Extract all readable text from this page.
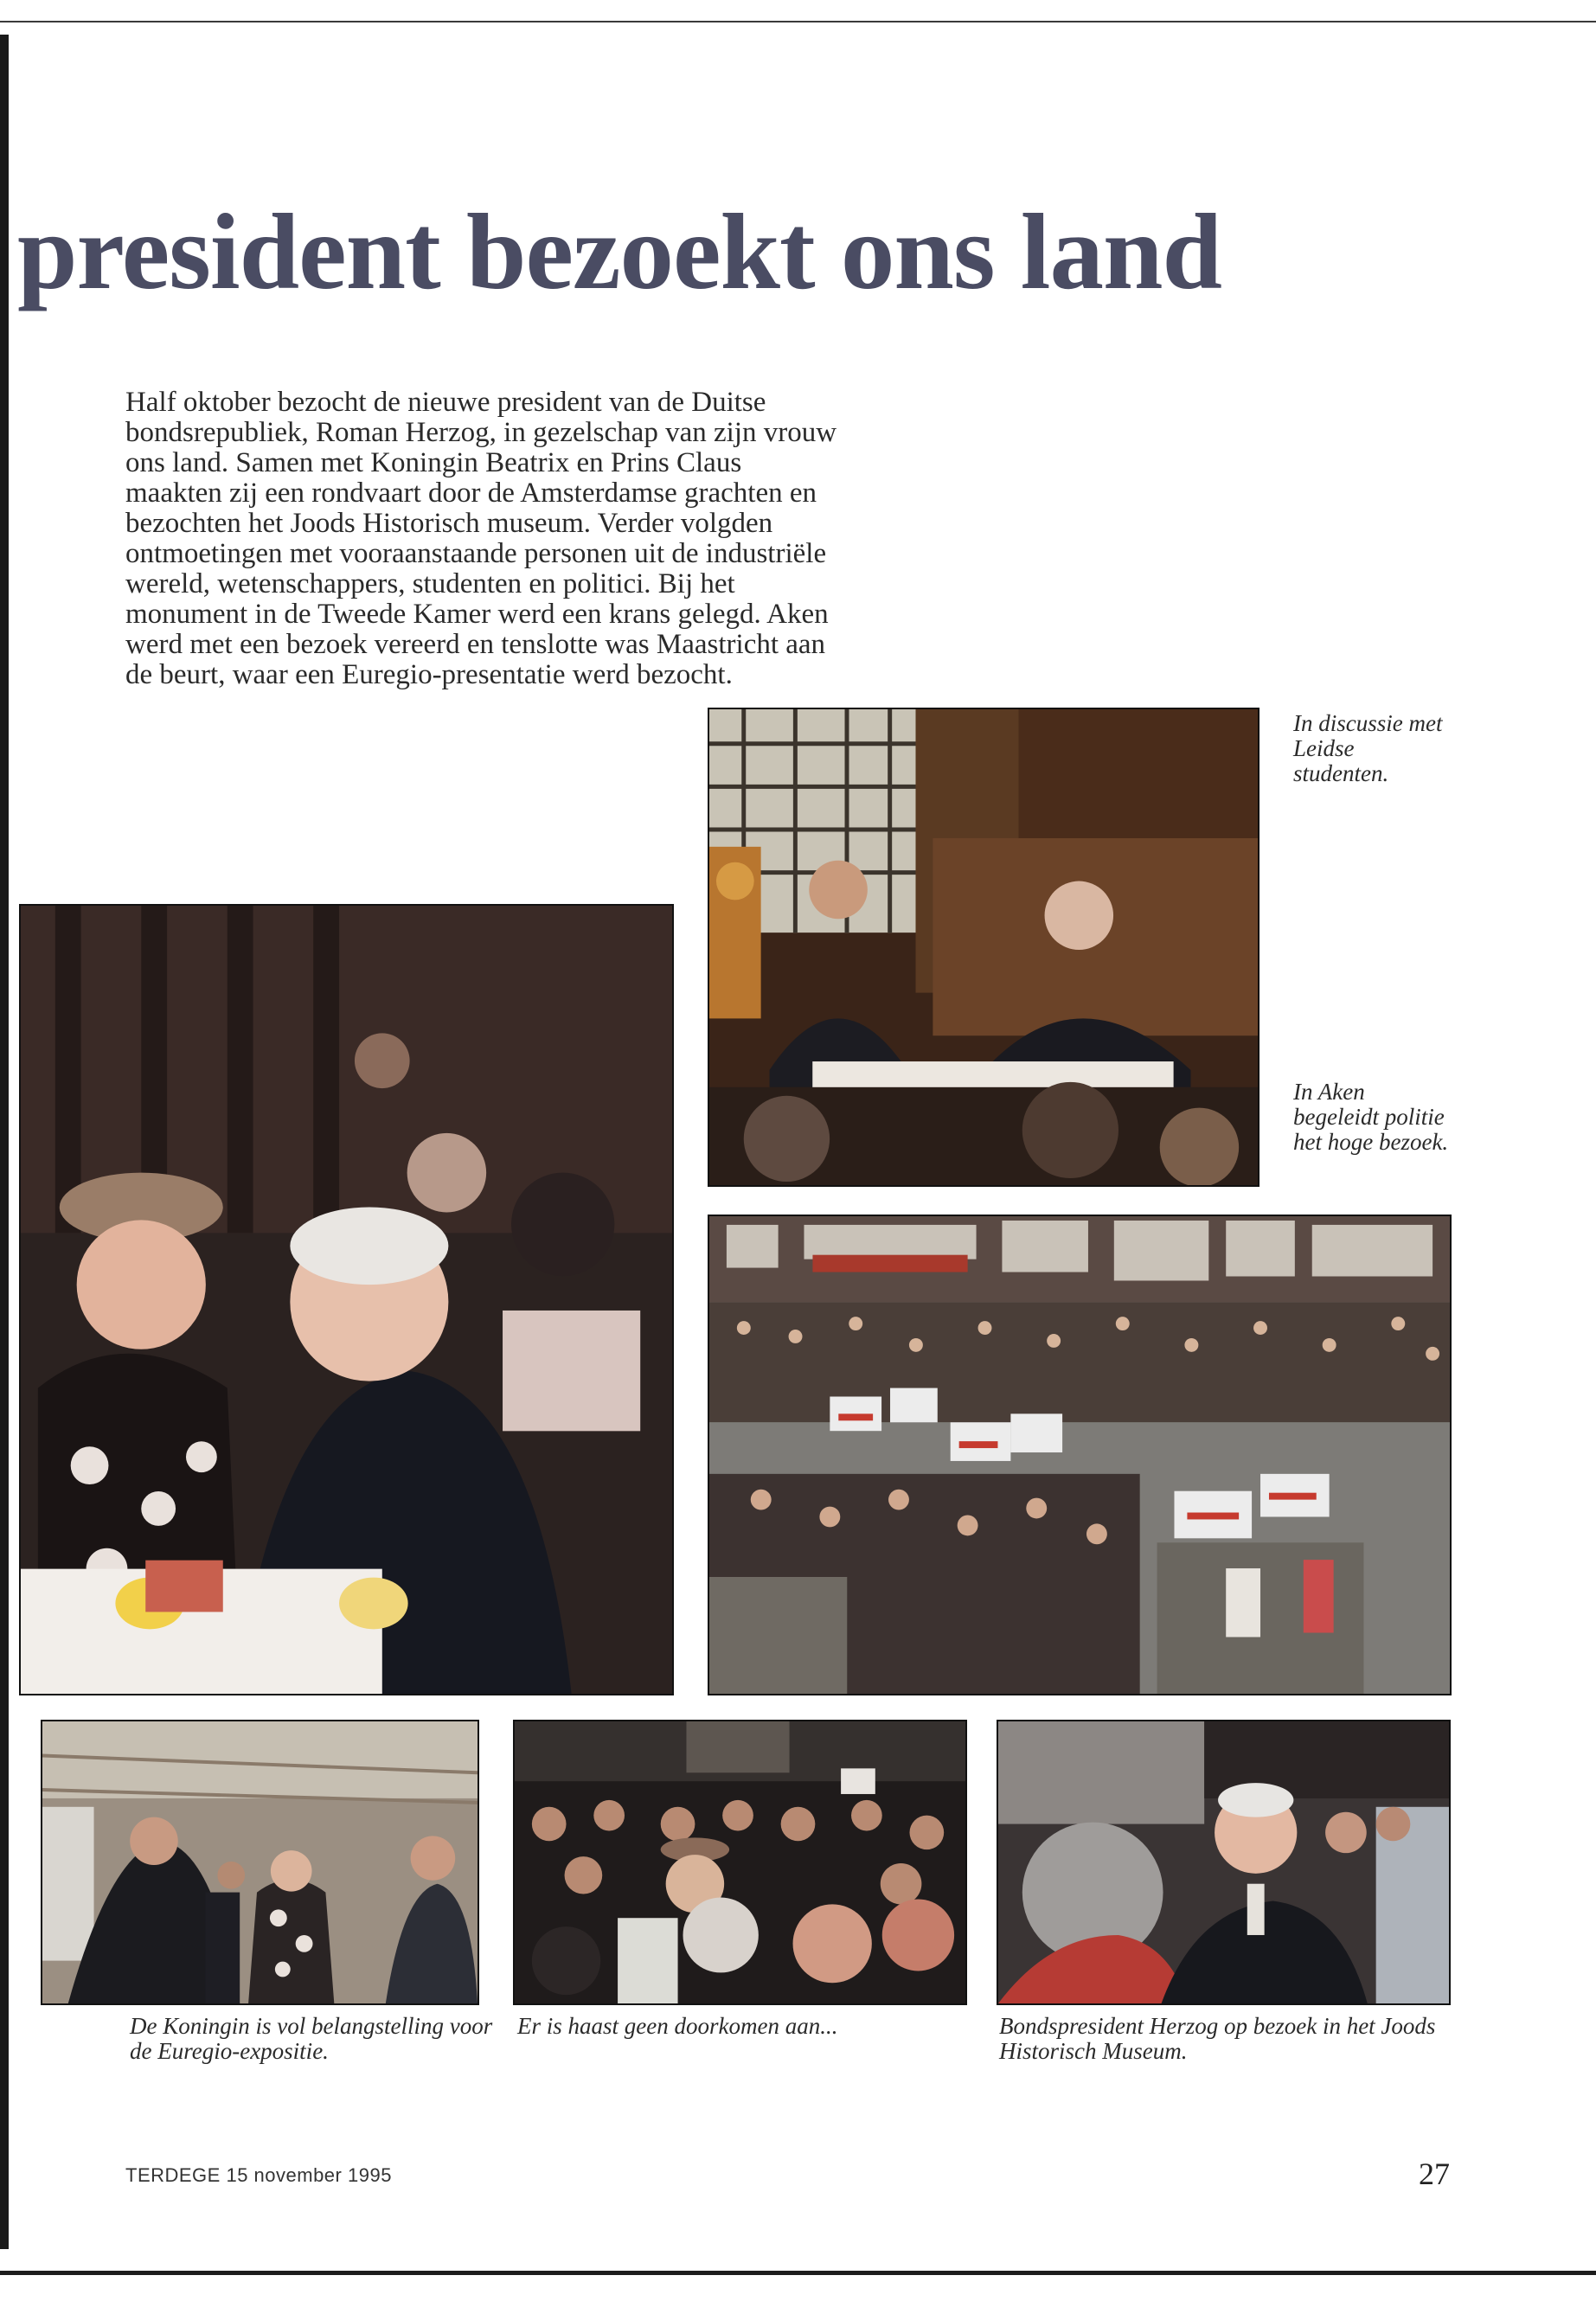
president bezoekt ons land

Half oktober bezocht de nieuwe president van de Duitse bondsrepubliek, Roman Herzog, in gezelschap van zijn vrouw ons land. Samen met Koningin Beatrix en Prins Claus maakten zij een rondvaart door de Amsterdamse grachten en bezochten het Joods Historisch museum. Verder volgden ontmoetingen met vooraanstaande personen uit de industriële wereld, wetenschappers, studenten en politici. Bij het monument in de Tweede Kamer werd een krans gelegd. Aken werd met een bezoek vereerd en tenslotte was Maastricht aan de beurt, waar een Euregio-presentatie werd bezocht.

In discussie met Leidse studenten.

In Aken begeleidt politie het hoge bezoek.

De Koningin is vol belangstelling voor de Euregio-expositie.

Er is haast geen doorkomen aan...	Bondspresident Herzog op bezoek in het Joods Historisch Museum.

TERDEGE 15 november 1995	27
